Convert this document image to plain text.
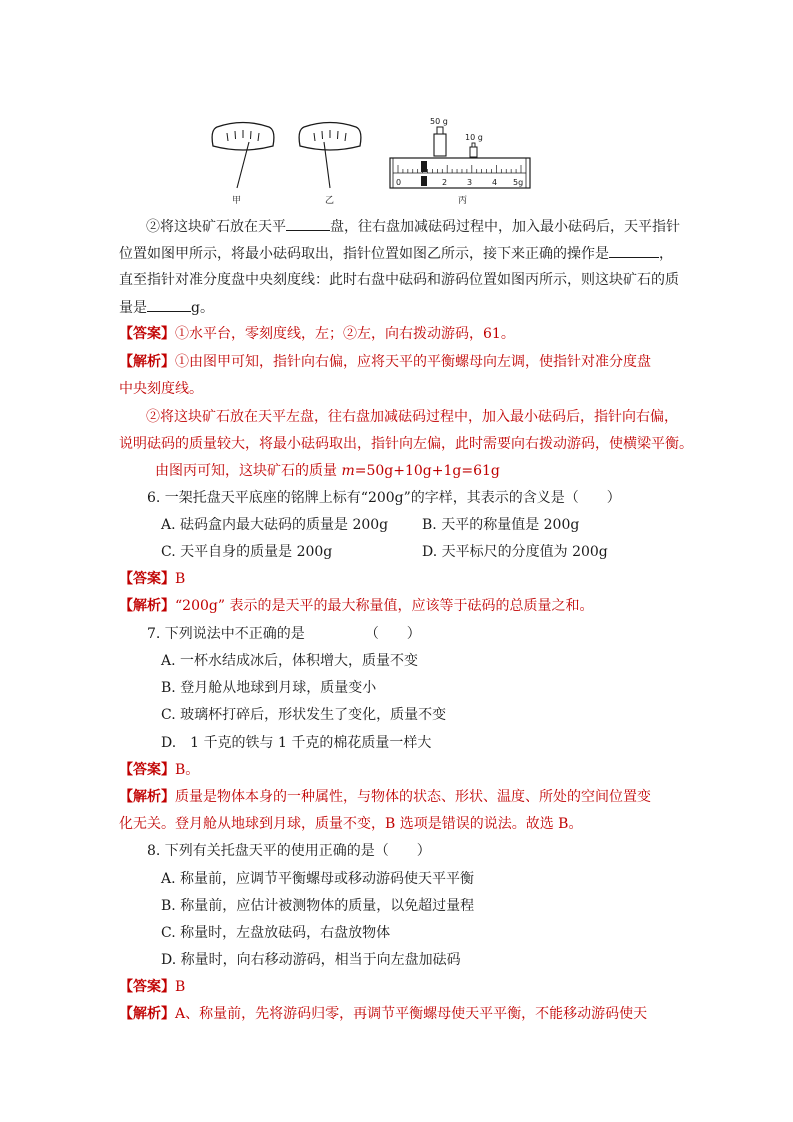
甲	乙
50 g
10 g
0	2 3 4 5g
丙
②将这块矿石放在天平	盘，往右盘加减砝码过程中，加入最小砝码后，天平指针
位置如图甲所示，将最小砝码取出，指针位置如图乙所示，接下来正确的操作是	，
直至指针对准分度盘中央刻度线：此时右盘中砝码和游码位置如图丙所示，则这块矿石的质
量是	g。
【答案】①水平台，零刻度线，左；②左，向右拨动游码，61。
【解析】①由图甲可知，指针向右偏，应将天平的平衡螺母向左调，使指针对准分度盘
中央刻度线。
②将这块矿石放在天平左盘，往右盘加减砝码过程中，加入最小砝码后，指针向右偏，
说明砝码的质量较大，将最小砝码取出，指针向左偏，此时需要向右拨动游码，使横梁平衡。
由图丙可知，这块矿石的质量 m=50g+10g+1g=61g
6. 一架托盘天平底座的铭牌上标有“200g”的字样，其表示的含义是（　　）
A. 砝码盒内最大砝码的质量是 200g B. 天平的称量值是 200g
C. 天平自身的质量是 200g	D. 天平标尺的分度值为 200g
【答案】B
【解析】“200g” 表示的是天平的最大称量值，应该等于砝码的总质量之和。
7. 下列说法中不正确的是	（　　）
A. 一杯水结成冰后，体积增大，质量不变
B. 登月舱从地球到月球，质量变小
C. 玻璃杯打碎后，形状发生了变化，质量不变
D.　1 千克的铁与 1 千克的棉花质量一样大
【答案】B。
【解析】质量是物体本身的一种属性，与物体的状态、形状、温度、所处的空间位置变
化无关。登月舱从地球到月球，质量不变，B 选项是错误的说法。故选 B。
8. 下列有关托盘天平的使用正确的是（　　）
A. 称量前，应调节平衡螺母或移动游码使天平平衡
B. 称量前，应估计被测物体的质量，以免超过量程
C. 称量时，左盘放砝码，右盘放物体
D. 称量时，向右移动游码，相当于向左盘加砝码
【答案】B
【解析】A、称量前，先将游码归零，再调节平衡螺母使天平平衡，不能移动游码使天
